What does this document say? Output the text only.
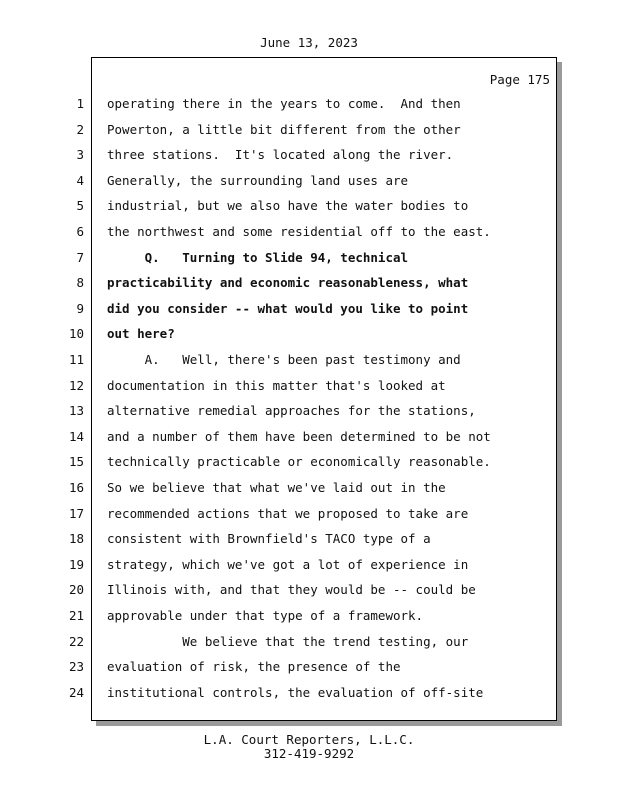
June 13, 2023
Page 175
1 operating there in the years to come.  And then
2 Powerton, a little bit different from the other
3 three stations.  It's located along the river.
4 Generally, the surrounding land uses are
5 industrial, but we also have the water bodies to
6 the northwest and some residential off to the east.
7 Q.   Turning to Slide 94, technical
8 practicability and economic reasonableness, what
9 did you consider -- what would you like to point
10 out here?
11 A.   Well, there's been past testimony and
12 documentation in this matter that's looked at
13 alternative remedial approaches for the stations,
14 and a number of them have been determined to be not
15 technically practicable or economically reasonable.
16 So we believe that what we've laid out in the
17 recommended actions that we proposed to take are
18 consistent with Brownfield's TACO type of a
19 strategy, which we've got a lot of experience in
20 Illinois with, and that they would be -- could be
21 approvable under that type of a framework.
22 We believe that the trend testing, our
23 evaluation of risk, the presence of the
24 institutional controls, the evaluation of off-site
L.A. Court Reporters, L.L.C.
312-419-9292
